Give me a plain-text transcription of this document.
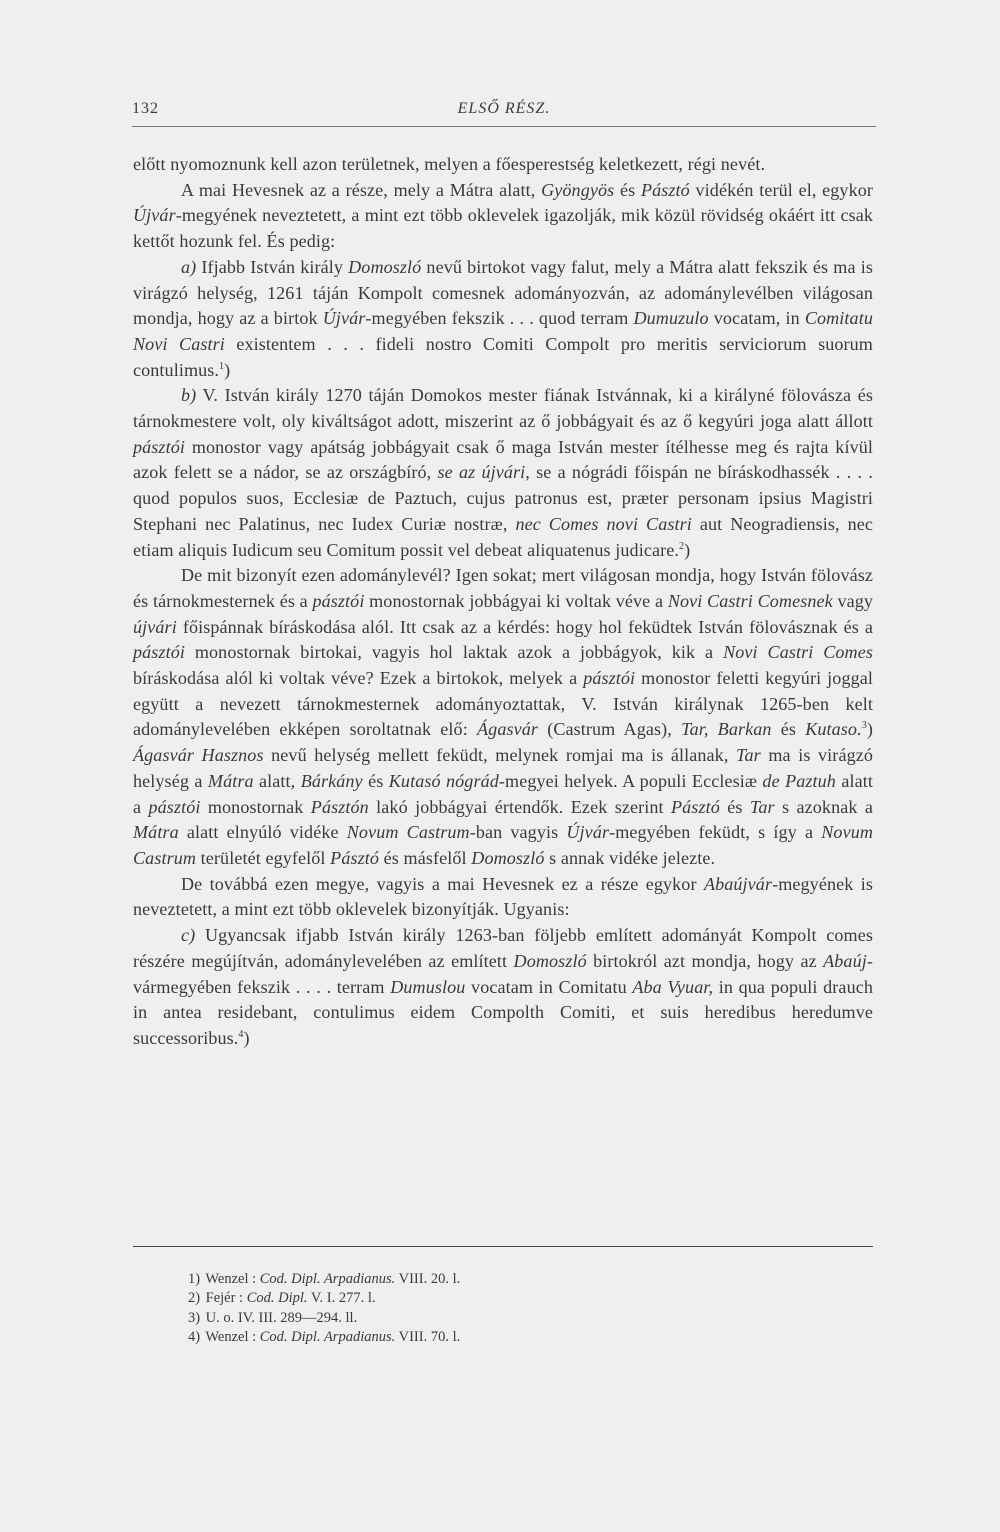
132	ELSŐ RÉSZ.

előtt nyomoznunk kell azon területnek, melyen a főesperestség keletkezett, régi nevét.

A mai Hevesnek az a része, mely a Mátra alatt, Gyöngyös és Pásztó vidékén terül el, egykor Újvár-megyének neveztetett, a mint ezt több oklevelek igazolják, mik közül rövidség okáért itt csak kettőt hozunk fel. És pedig:

a) Ifjabb István király Domoszló nevű birtokot vagy falut, mely a Mátra alatt fekszik és ma is virágzó helység, 1261 táján Kompolt comesnek adományozván, az adománylevélben világosan mondja, hogy az a birtok Újvár-megyében fekszik . . . quod terram Dumuzulo vocatam, in Comitatu Novi Castri existentem . . . fideli nostro Comiti Compolt pro meritis serviciorum suorum contulimus.$^1$)

b) V. István király 1270 táján Domokos mester fiának Istvánnak, ki a királyné fölovásza és tárnokmestere volt, oly kiváltságot adott, miszerint az ő jobbágyait és az ő kegyúri joga alatt állott pásztói monostor vagy apátság jobbágyait csak ő maga István mester ítélhesse meg és rajta kívül azok felett se a nádor, se az országbíró, se az újvári, se a nógrádi főispán ne bíráskodhassék . . . . quod populos suos, Ecclesiæ de Paztuch, cujus patronus est, præter personam ipsius Magistri Stephani nec Palatinus, nec Iudex Curiæ nostræ, nec Comes novi Castri aut Neogradiensis, nec etiam aliquis Iudicum seu Comitum possit vel debeat aliquatenus judicare.$^2$)

De mit bizonyít ezen adománylevél? Igen sokat; mert világosan mondja, hogy István fölovász és tárnokmesternek és a pásztói monostornak jobbágyai ki voltak véve a Novi Castri Comesnek vagy újvári főispánnak bíráskodása alól. Itt csak az a kérdés: hogy hol feküdtek István fölovásznak és a pásztói monostornak birtokai, vagyis hol laktak azok a jobbágyok, kik a Novi Castri Comes bíráskodása alól ki voltak véve? Ezek a birtokok, melyek a pásztói monostor feletti kegyúri joggal együtt a nevezett tárnokmesternek adományoztattak, V. István királynak 1265-ben kelt adománylevelében ekképen soroltatnak elő: Ágasvár (Castrum Agas), Tar, Barkan és Kutaso.$^3$) Ágasvár Hasznos nevű helység mellett feküdt, melynek romjai ma is állanak, Tar ma is virágzó helység a Mátra alatt, Bárkány és Kutasó nógrád-megyei helyek. A populi Ecclesiæ de Paztuh alatt a pásztói monostornak Pásztón lakó jobbágyai értendők. Ezek szerint Pásztó és Tar s azoknak a Mátra alatt elnyúló vidéke Novum Castrum-ban vagyis Újvár-megyében feküdt, s így a Novum Castrum területét egyfelől Pásztó és másfelől Domoszló s annak vidéke jelezte.

De továbbá ezen megye, vagyis a mai Hevesnek ez a része egykor Abaújvár-megyének is neveztetett, a mint ezt több oklevelek bizonyítják. Ugyanis:

c) Ugyancsak ifjabb István király 1263-ban följebb említett adományát Kompolt comes részére megújítván, adománylevelében az említett Domoszló birtokról azt mondja, hogy az Abaúj-vármegyében fekszik . . . . terram Dumuslou vocatam in Comitatu Aba Vyuar, in qua populi drauch in antea residebant, contulimus eidem Compolth Comiti, et suis heredibus heredumve successoribus.$^4$)

1) Wenzel : Cod. Dipl. Arpadianus. VIII. 20. l.
2) Fejér : Cod. Dipl. V. I. 277. l.
3) U. o. IV. III. 289—294. ll.
4) Wenzel : Cod. Dipl. Arpadianus. VIII. 70. l.
